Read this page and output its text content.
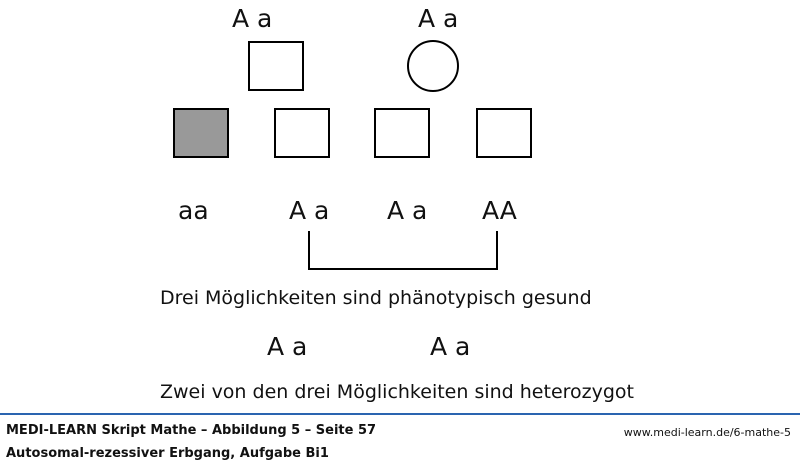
A a	A a
aa	A a A a AA
Drei Möglichkeiten sind phänotypisch gesund
A a	A a
Zwei von den drei Möglichkeiten sind heterozygot
MEDI-LEARN Skript Mathe – Abbildung 5 – Seite 57
Autosomal-rezessiver Erbgang, Aufgabe Bi1
www.medi-learn.de/6-mathe-5
